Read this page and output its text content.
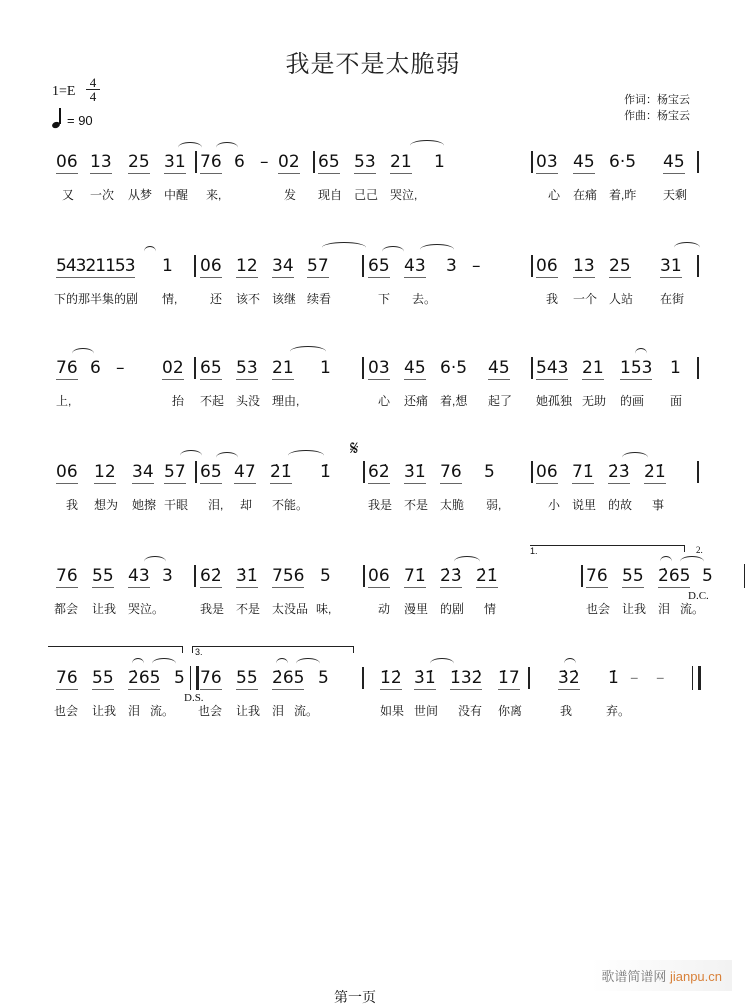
我是不是太脆弱
$1=E \frac{4}{4}$
= 90
作词：杨宝云
作曲：杨宝云
06 13 25 31 76 6 – 02 65 53 21 1	03 45 6·5 45
又 一次 从梦 中醒 来,	发 现自 己己 哭泣,	心 在痛 着,昨 天剩
54321153 1 06 12 34 57 65 43 3 –	06 13 25 31
下的那半集的剧 情,	还 该不 该继 续看	下 去。	我 一个 人站 在街
76 6 – 02 65 53 21 1 03 45 6·5 45 543 21 153 1
上,	抬 不起 头没 理由,	心 还痛 着,想 起了 她孤独 无助 的画 面
𝄋
06 12 34 57 65 47 2̇1̇ 1̇ 62̇ 3̇1̇ 76 5 06 71̇ 2̇3̇ 2̇1̇
我 想为 她擦 干眼 泪, 却 不能。	我是 不是 太脆 弱,	小 说里 的故 事
1.	2.
76 55 43 3 62̇ 3̇1̇ 756 5 06 71̇ 2̇3̇ 2̇1̇	76 55 2̇65 5
D.C.
都会 让我 哭泣。	我是 不是 太没品 味,	动 漫里 的剧 情	也会 让我 泪 流。
3.
76 55 2̇65 5
D.S.
76 55 2̇65 5	1̇2̇ 3̇1̇ 1̇32̇ 1̇7 3̇2̇ 1̇ – –
也会 让我 泪 流。 也会 让我 泪 流。	如果 世间 没有 你离	我	弃。
歌谱简谱网 jianpu.cn
第一页
